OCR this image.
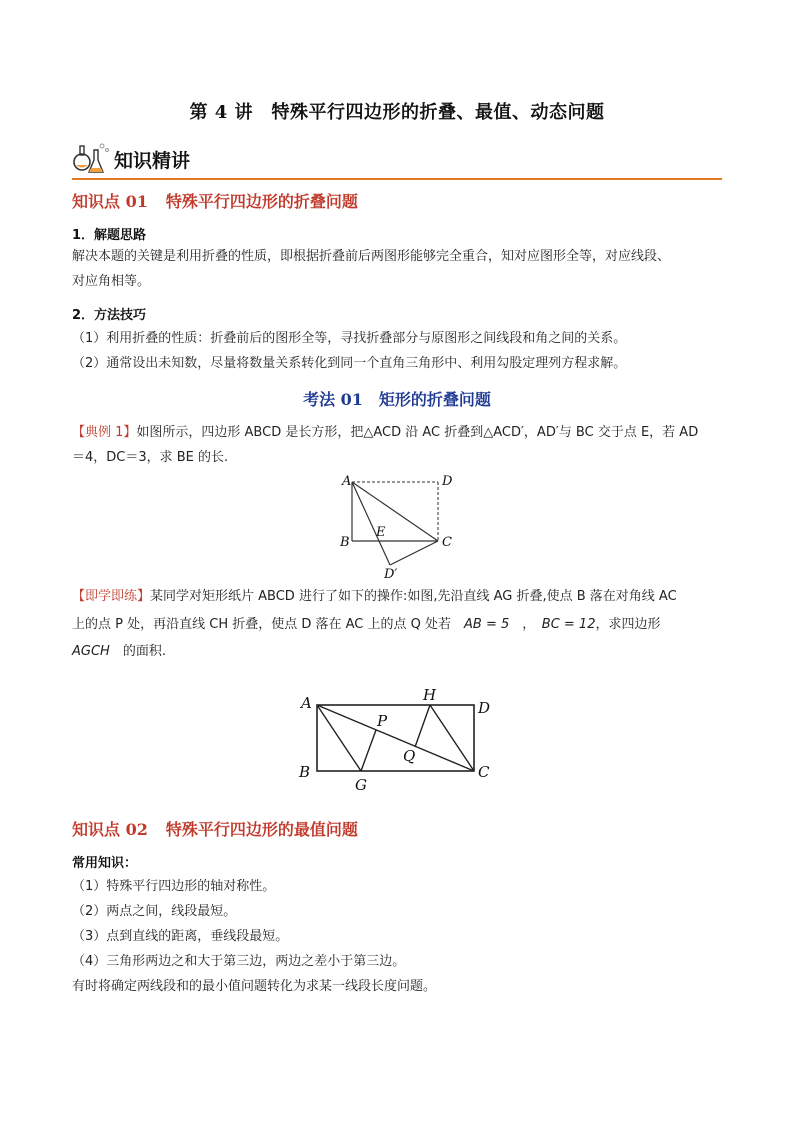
第 4 讲　特殊平行四边形的折叠、最值、动态问题
知识精讲
知识点 01 特殊平行四边形的折叠问题
1．解题思路
解决本题的关键是利用折叠的性质，即根据折叠前后两图形能够完全重合，知对应图形全等，对应线段、
对应角相等。
2．方法技巧
（1）利用折叠的性质：折叠前后的图形全等，寻找折叠部分与原图形之间线段和角之间的关系。
（2）通常设出未知数，尽量将数量关系转化到同一个直角三角形中、利用勾股定理列方程求解。
考法 01　矩形的折叠问题
【典例 1】如图所示，四边形 ABCD 是长方形，把△ACD 沿 AC 折叠到△ACD′，AD′与 BC 交于点 E，若 AD
＝4，DC＝3，求 BE 的长.
A	D
B	C
E
D′
【即学即练】某同学对矩形纸片 ABCD 进行了如下的操作:如图,先沿直线 AG 折叠,使点 B 落在对角线 AC
上的点 P 处，再沿直线 CH 折叠，使点 D 落在 AC 上的点 Q 处若　 AB = 5　，　BC = 12，求四边形
AGCH　 的面积.
A	D
B	C
G
H
P
Q
知识点 02 特殊平行四边形的最值问题
常用知识：
（1）特殊平行四边形的轴对称性。
（2）两点之间，线段最短。
（3）点到直线的距离，垂线段最短。
（4）三角形两边之和大于第三边，两边之差小于第三边。
有时将确定两线段和的最小值问题转化为求某一线段长度问题。
